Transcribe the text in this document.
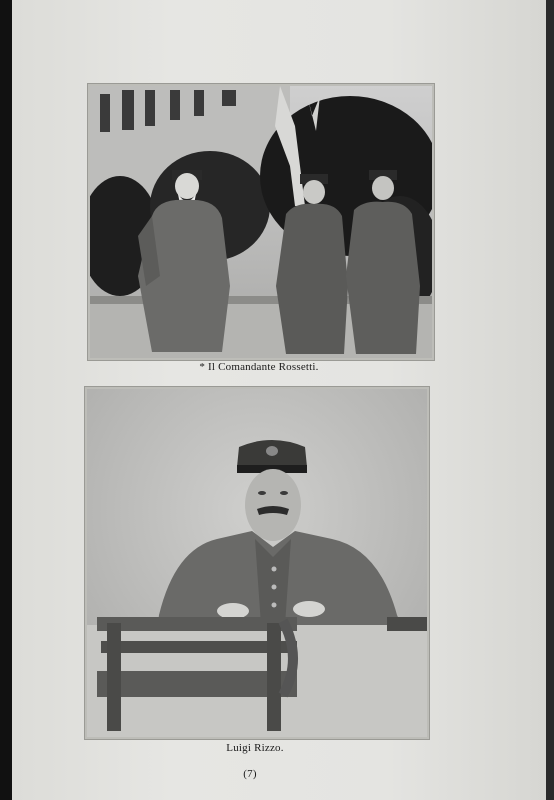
* Il Comandante Rossetti.
Luigi Rizzo.
(7)
